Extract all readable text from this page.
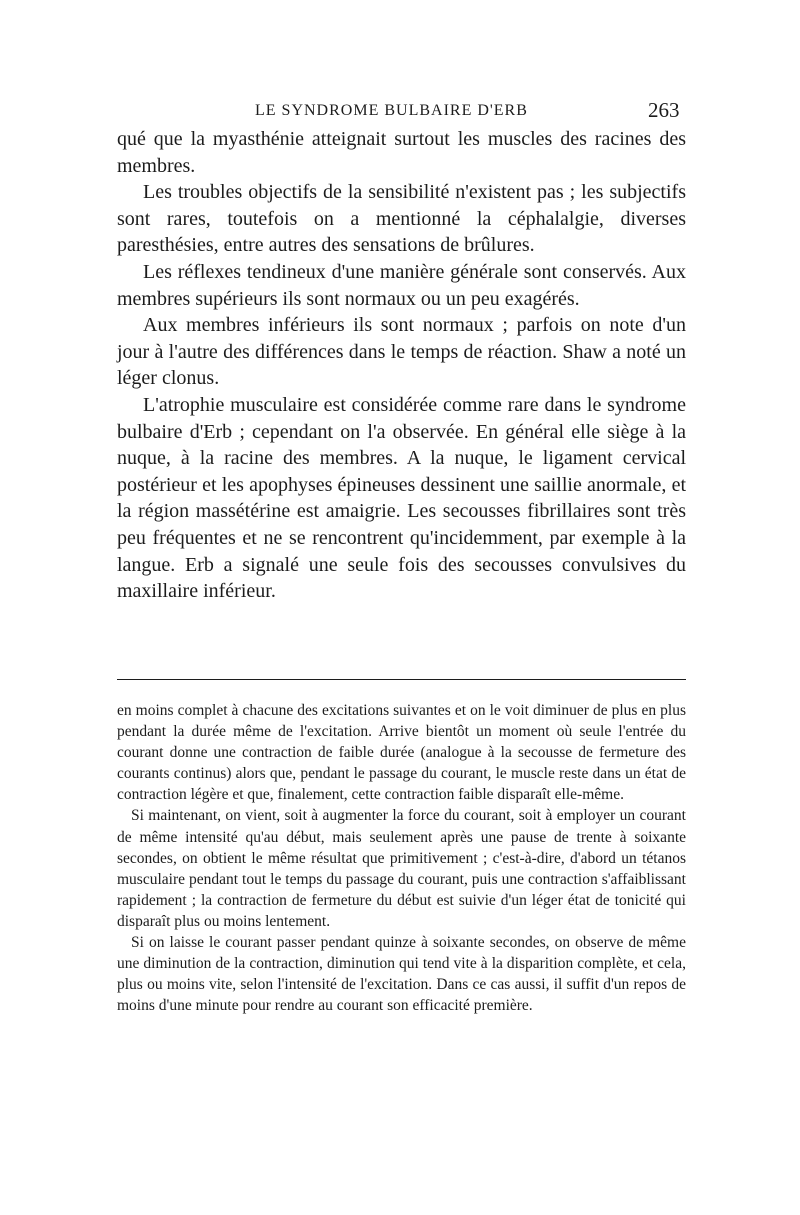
LE SYNDROME BULBAIRE D'ERB	263

qué que la myasthénie atteignait surtout les muscles des racines des membres.

Les troubles objectifs de la sensibilité n'existent pas ; les subjectifs sont rares, toutefois on a mentionné la céphalalgie, diverses paresthésies, entre autres des sensations de brûlures.

Les réflexes tendineux d'une manière générale sont conservés. Aux membres supérieurs ils sont normaux ou un peu exagérés.

Aux membres inférieurs ils sont normaux ; parfois on note d'un jour à l'autre des différences dans le temps de réaction. Shaw a noté un léger clonus.

L'atrophie musculaire est considérée comme rare dans le syndrome bulbaire d'Erb ; cependant on l'a observée. En général elle siège à la nuque, à la racine des membres. A la nuque, le ligament cervical postérieur et les apophyses épineuses dessinent une saillie anormale, et la région massétérine est amaigrie. Les secousses fibrillaires sont très peu fréquentes et ne se rencontrent qu'incidemment, par exemple à la langue. Erb a signalé une seule fois des secousses convulsives du maxillaire inférieur.

en moins complet à chacune des excitations suivantes et on le voit diminuer de plus en plus pendant la durée même de l'excitation. Arrive bientôt un moment où seule l'entrée du courant donne une contraction de faible durée (analogue à la secousse de fermeture des courants continus) alors que, pendant le passage du courant, le muscle reste dans un état de contraction légère et que, finalement, cette contraction faible disparaît elle-même.

Si maintenant, on vient, soit à augmenter la force du courant, soit à employer un courant de même intensité qu'au début, mais seulement après une pause de trente à soixante secondes, on obtient le même résultat que primitivement ; c'est-à-dire, d'abord un tétanos musculaire pendant tout le temps du passage du courant, puis une contraction s'affaiblissant rapidement ; la contraction de fermeture du début est suivie d'un léger état de tonicité qui disparaît plus ou moins lentement.

Si on laisse le courant passer pendant quinze à soixante secondes, on observe de même une diminution de la contraction, diminution qui tend vite à la disparition complète, et cela, plus ou moins vite, selon l'intensité de l'excitation. Dans ce cas aussi, il suffit d'un repos de moins d'une minute pour rendre au courant son efficacité première.
